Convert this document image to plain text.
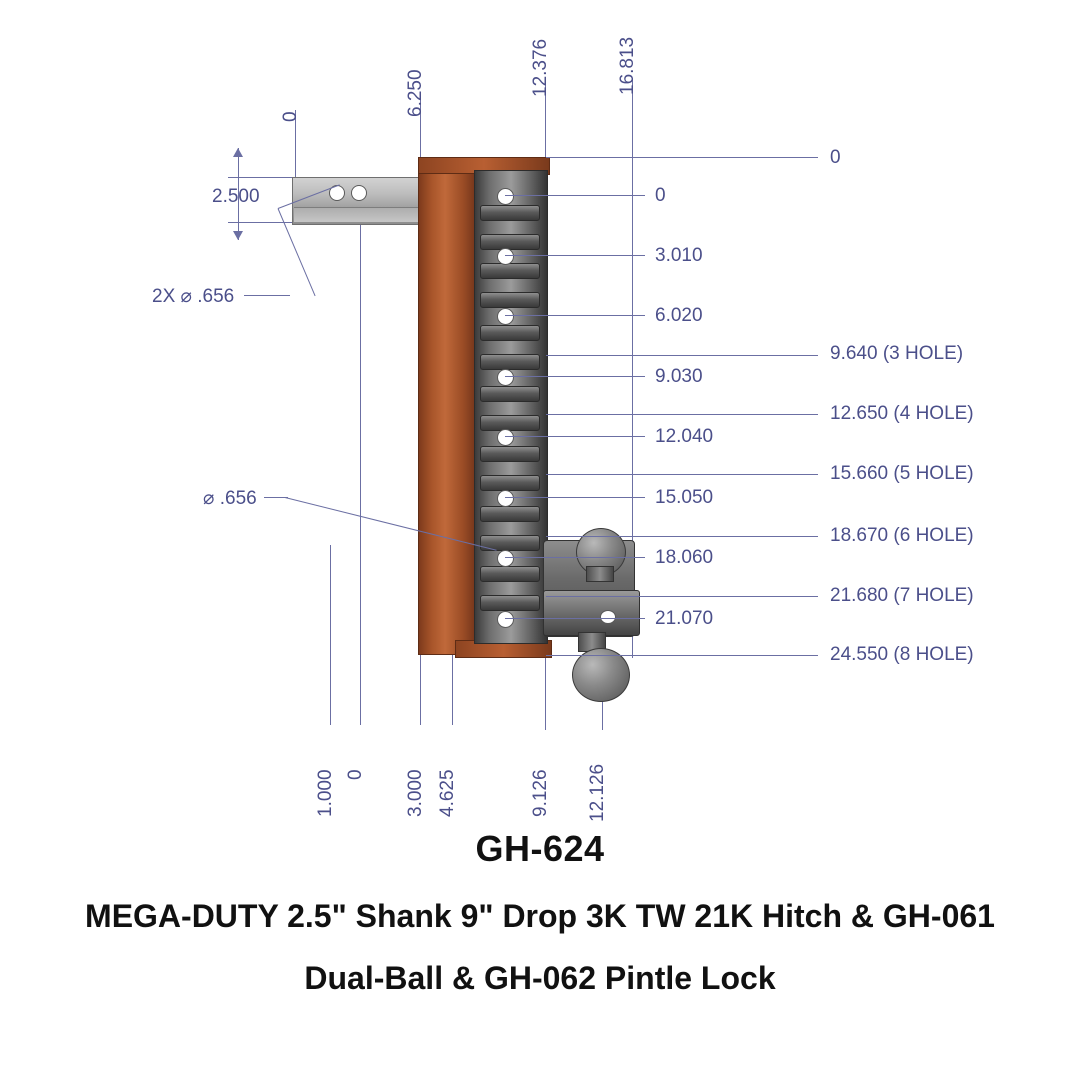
0	6.250	12.376	16.813
1.000 0 3.000 4.625	9.126 12.126
2.500
2X ⌀ .656
⌀ .656
0
3.010
6.020
9.030
12.040
15.050
18.060
21.070
0
9.640 (3 HOLE)
12.650 (4 HOLE)
15.660 (5 HOLE)
18.670 (6 HOLE)
21.680 (7 HOLE)
24.550 (8 HOLE)
GH-624
MEGA-DUTY 2.5" Shank 9" Drop 3K TW 21K Hitch & GH-061
Dual-Ball & GH-062 Pintle Lock
